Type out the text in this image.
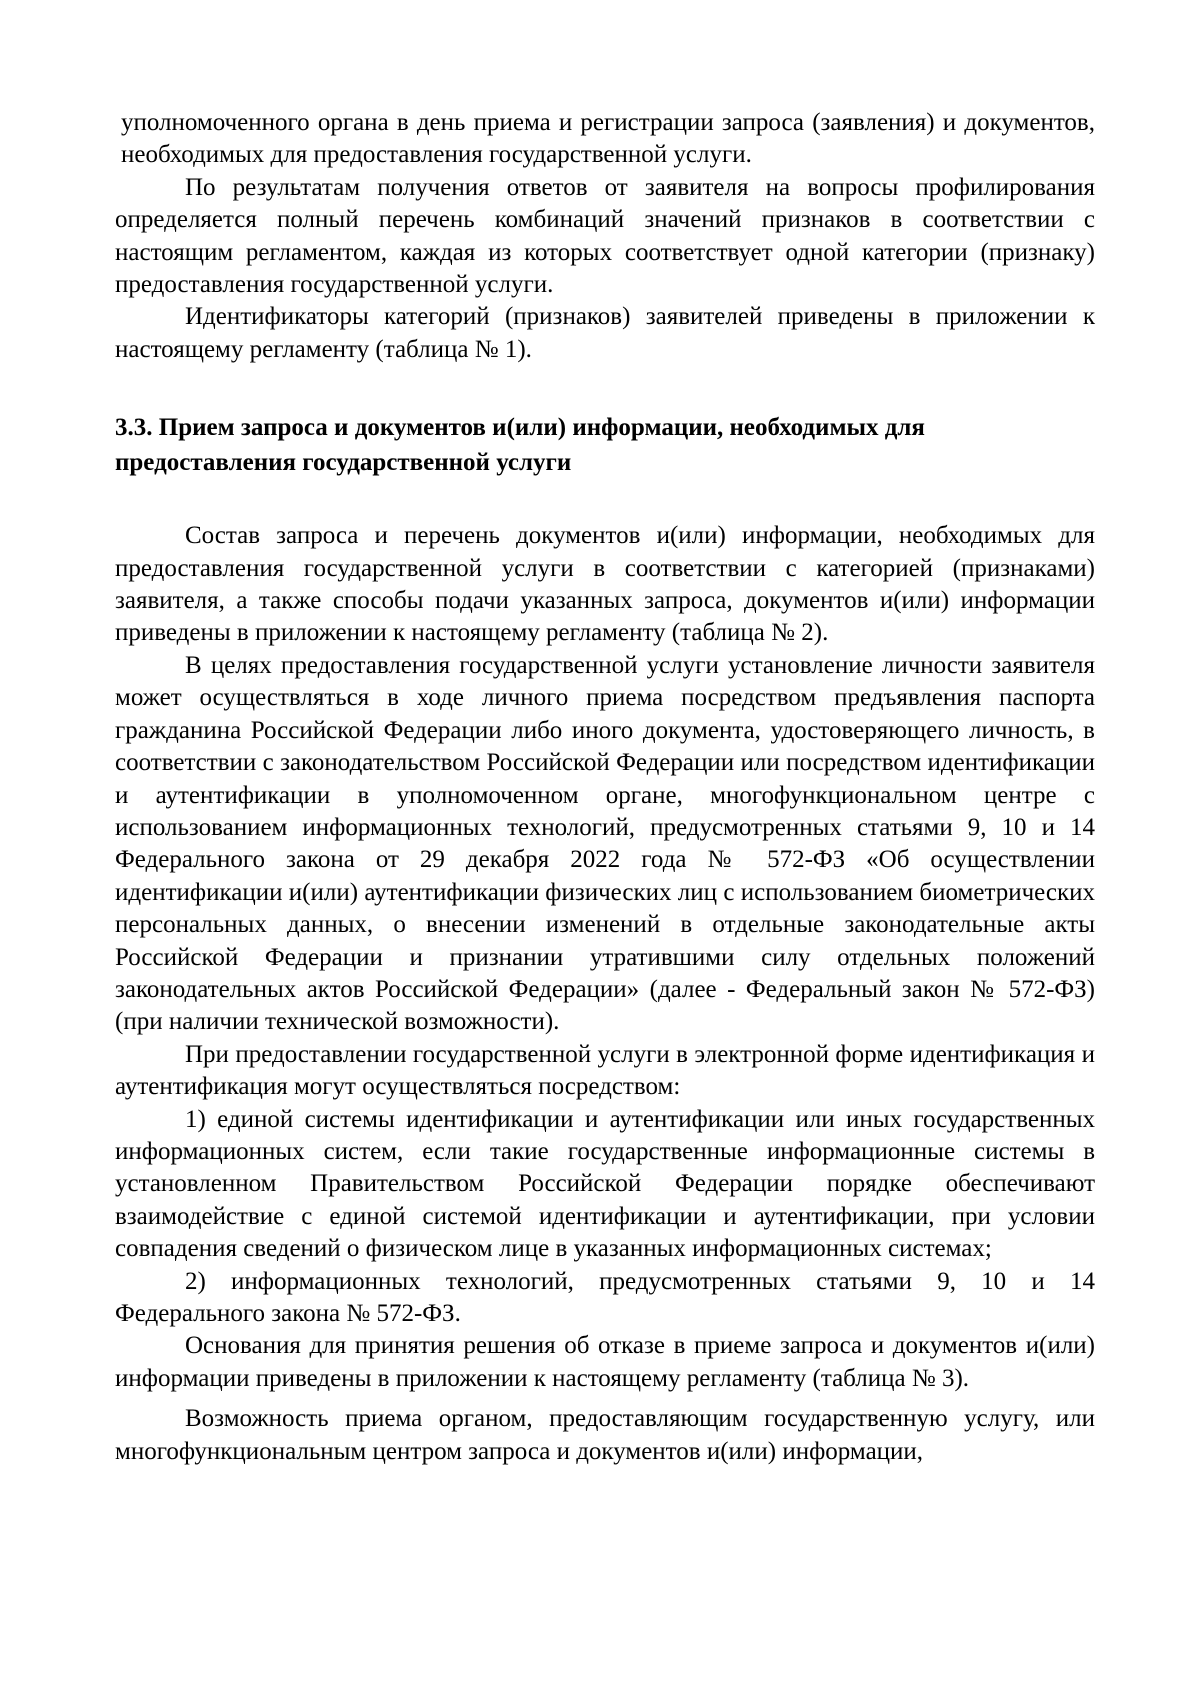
уполномоченного органа в день приема и регистрации запроса (заявления) и документов, необходимых для предоставления государственной услуги.

По результатам получения ответов от заявителя на вопросы профилирования определяется полный перечень комбинаций значений признаков в соответствии с настоящим регламентом, каждая из которых соответствует одной категории (признаку) предоставления государственной услуги.

Идентификаторы категорий (признаков) заявителей приведены в приложении к настоящему регламенту (таблица № 1).

3.3. Прием запроса и документов и(или) информации, необходимых для предоставления государственной услуги

Состав запроса и перечень документов и(или) информации, необходимых для предоставления государственной услуги в соответствии с категорией (признаками) заявителя, а также способы подачи указанных запроса, документов и(или) информации приведены в приложении к настоящему регламенту (таблица № 2).

В целях предоставления государственной услуги установление личности заявителя может осуществляться в ходе личного приема посредством предъявления паспорта гражданина Российской Федерации либо иного документа, удостоверяющего личность, в соответствии с законодательством Российской Федерации или посредством идентификации и аутентификации в уполномоченном органе, многофункциональном центре с использованием информационных технологий, предусмотренных статьями 9, 10 и 14 Федерального закона от 29 декабря 2022 года № 572-ФЗ «Об осуществлении идентификации и(или) аутентификации физических лиц с использованием биометрических персональных данных, о внесении изменений в отдельные законодательные акты Российской Федерации и признании утратившими силу отдельных положений законодательных актов Российской Федерации» (далее - Федеральный закон № 572-ФЗ) (при наличии технической возможности).

При предоставлении государственной услуги в электронной форме идентификация и аутентификация могут осуществляться посредством:

1) единой системы идентификации и аутентификации или иных государственных информационных систем, если такие государственные информационные системы в установленном Правительством Российской Федерации порядке обеспечивают взаимодействие с единой системой идентификации и аутентификации, при условии совпадения сведений о физическом лице в указанных информационных системах;

2) информационных технологий, предусмотренных статьями 9, 10 и 14 Федерального закона № 572-ФЗ.

Основания для принятия решения об отказе в приеме запроса и документов и(или) информации приведены в приложении к настоящему регламенту (таблица № 3).

Возможность приема органом, предоставляющим государственную услугу, или многофункциональным центром запроса и документов и(или) информации,
